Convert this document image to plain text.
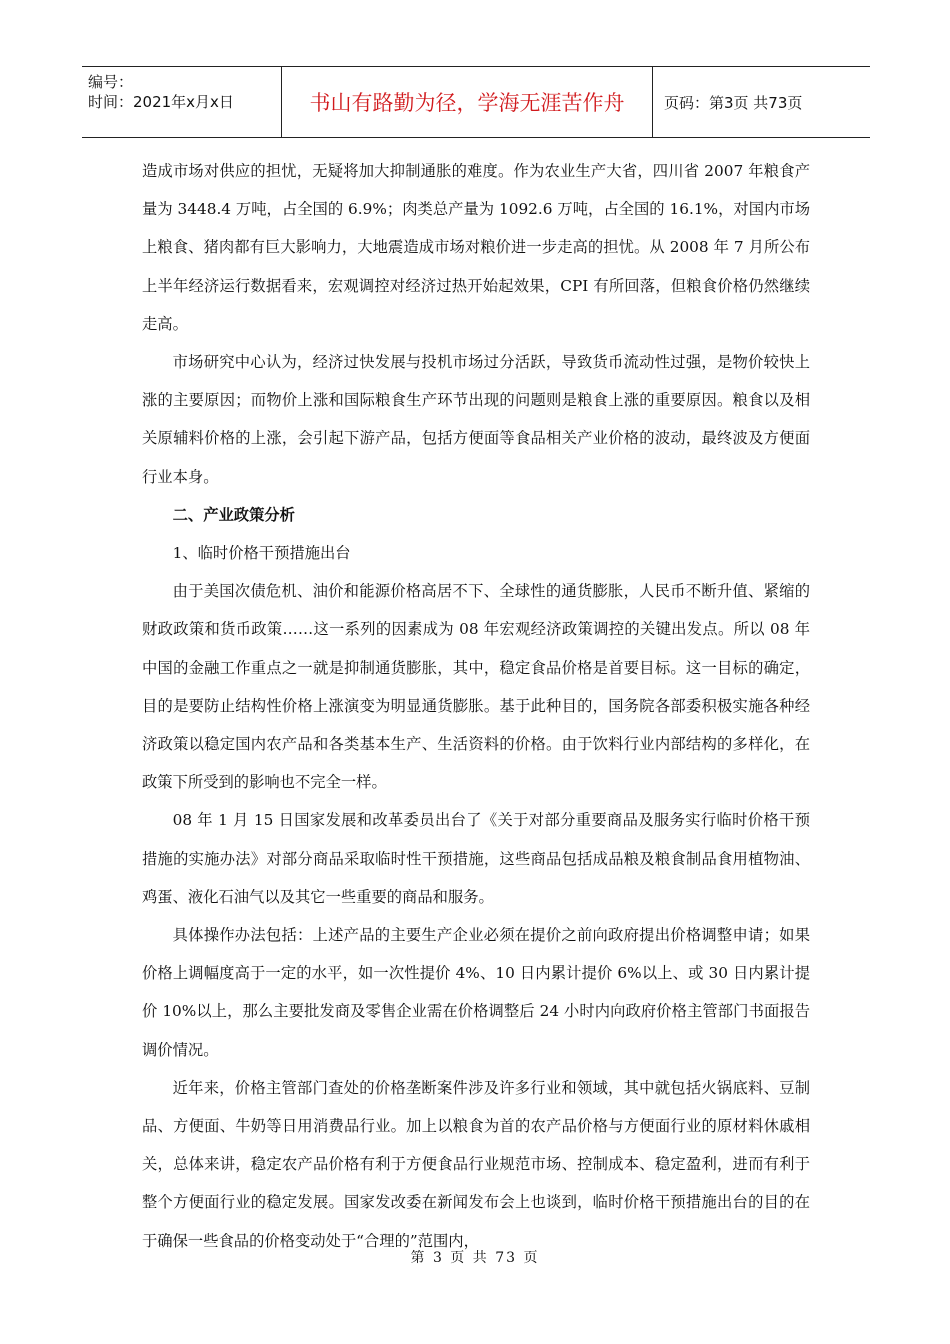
编号：
时间：2021年x月x日	书山有路勤为径，学海无涯苦作舟	页码：第3页 共73页

造成市场对供应的担忧，无疑将加大抑制通胀的难度。作为农业生产大省，四川省 2007 年粮食产量为 3448.4 万吨，占全国的 6.9%；肉类总产量为 1092.6 万吨，占全国的 16.1%，对国内市场上粮食、猪肉都有巨大影响力，大地震造成市场对粮价进一步走高的担忧。从 2008 年 7 月所公布上半年经济运行数据看来，宏观调控对经济过热开始起效果，CPI 有所回落，但粮食价格仍然继续走高。

市场研究中心认为，经济过快发展与投机市场过分活跃，导致货币流动性过强，是物价较快上涨的主要原因；而物价上涨和国际粮食生产环节出现的问题则是粮食上涨的重要原因。粮食以及相关原辅料价格的上涨，会引起下游产品，包括方便面等食品相关产业价格的波动，最终波及方便面行业本身。

二、产业政策分析

1、临时价格干预措施出台

由于美国次债危机、油价和能源价格高居不下、全球性的通货膨胀，人民币不断升值、紧缩的财政政策和货币政策……这一系列的因素成为 08 年宏观经济政策调控的关键出发点。所以 08 年中国的金融工作重点之一就是抑制通货膨胀，其中，稳定食品价格是首要目标。这一目标的确定，目的是要防止结构性价格上涨演变为明显通货膨胀。基于此种目的，国务院各部委积极实施各种经济政策以稳定国内农产品和各类基本生产、生活资料的价格。由于饮料行业内部结构的多样化，在政策下所受到的影响也不完全一样。

08 年 1 月 15 日国家发展和改革委员出台了《关于对部分重要商品及服务实行临时价格干预措施的实施办法》对部分商品采取临时性干预措施，这些商品包括成品粮及粮食制品食用植物油、鸡蛋、液化石油气以及其它一些重要的商品和服务。

具体操作办法包括：上述产品的主要生产企业必须在提价之前向政府提出价格调整申请；如果价格上调幅度高于一定的水平，如一次性提价 4%、10 日内累计提价 6%以上、或 30 日内累计提价 10%以上，那么主要批发商及零售企业需在价格调整后 24 小时内向政府价格主管部门书面报告调价情况。

近年来，价格主管部门查处的价格垄断案件涉及许多行业和领域，其中就包括火锅底料、豆制品、方便面、牛奶等日用消费品行业。加上以粮食为首的农产品价格与方便面行业的原材料休戚相关，总体来讲，稳定农产品价格有利于方便食品行业规范市场、控制成本、稳定盈利，进而有利于整个方便面行业的稳定发展。国家发改委在新闻发布会上也谈到，临时价格干预措施出台的目的在于确保一些食品的价格变动处于“合理的”范围内，

第 3 页 共 73 页
